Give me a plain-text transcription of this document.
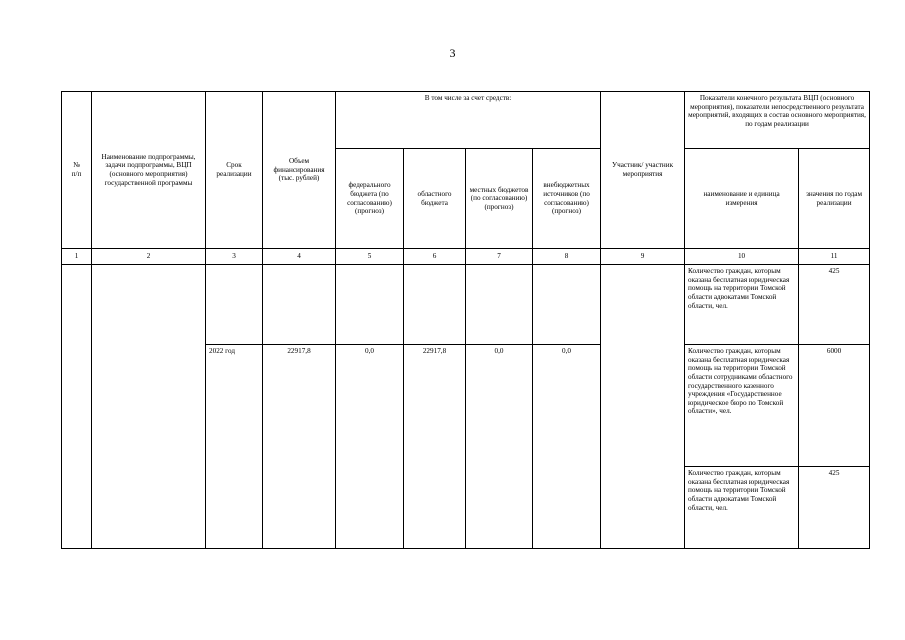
3
№
п/п	Наименование подпрограммы, задачи подпрограммы, ВЦП (основного мероприятия) государственной программы	Срок реализации	Объем финансирования (тыс. рублей)	В том числе за счет средств:				Участник/ участник мероприятия	Показатели конечного результата ВЦП (основного мероприятия), показатели непосредственного результата мероприятий, входящих в состав основного мероприятия, по годам реализации	
				федерального бюджета (по согласованию) (прогноз)	областного бюджета	местных бюджетов (по согласованию) (прогноз)	внебюджетных источников (по согласованию) (прогноз)		наименование и единица измерения	значения по годам реализации
1	2	3	4	5	6	7	8	9	10	11
									Количество граждан, которым оказана бесплатная юридическая помощь на территории Томской области адвокатами Томской области, чел.	425
		2022 год	22917,8	0,0	22917,8	0,0	0,0		Количество граждан, которым оказана бесплатная юридическая помощь на территории Томской области сотрудниками областного государственного казенного учреждения «Государственное юридическое бюро по Томской области», чел.	6000
									Количество граждан, которым оказана бесплатная юридическая помощь на территории Томской области адвокатами Томской области, чел.	425
